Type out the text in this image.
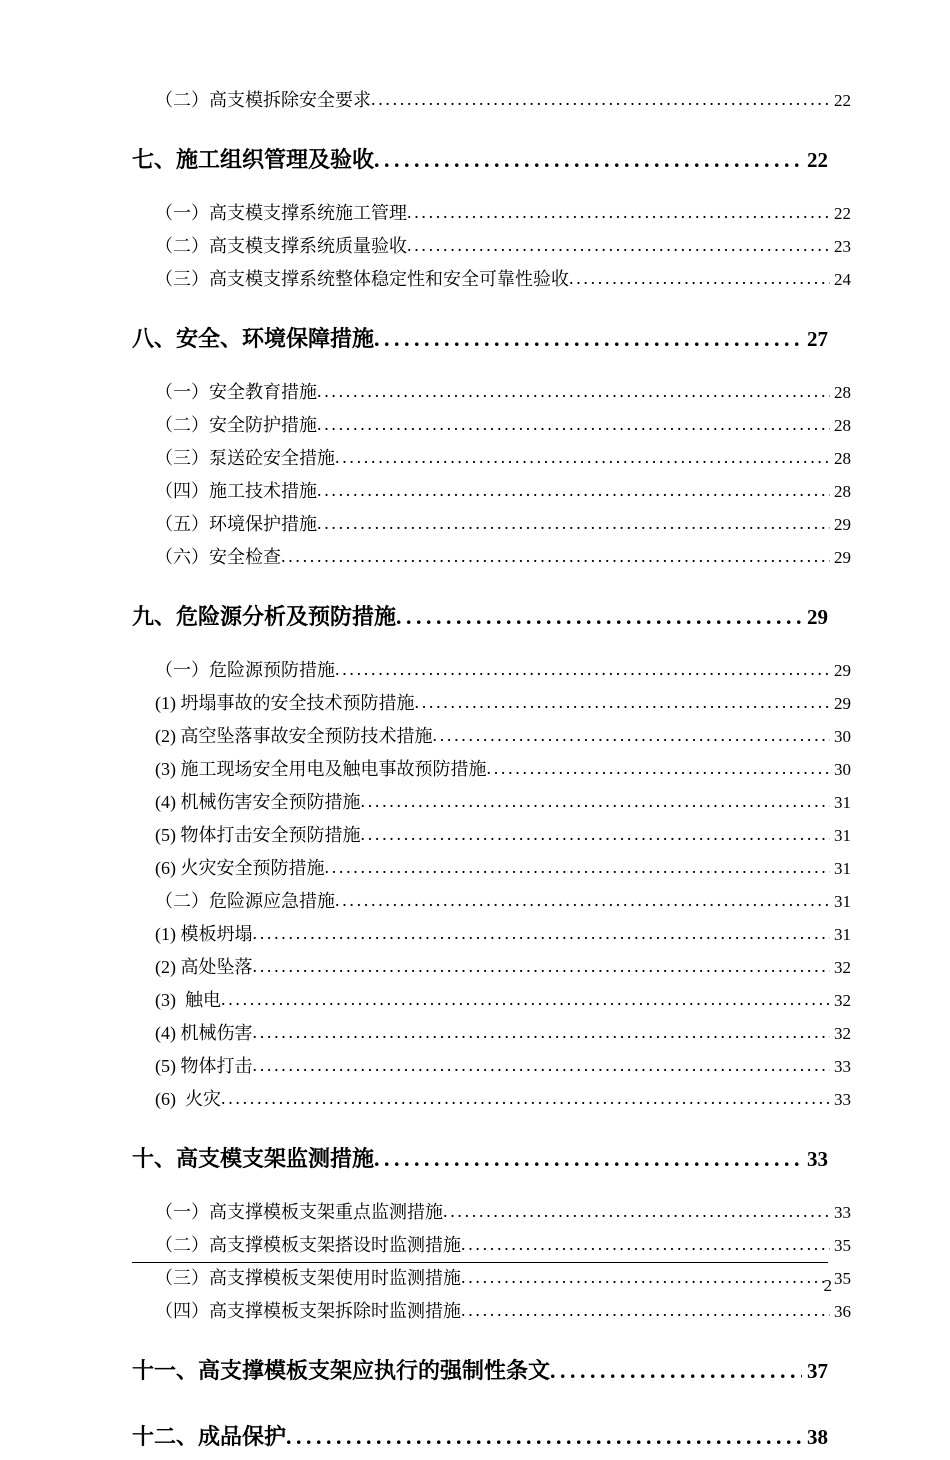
（二）高支模拆除安全要求 . . .	22
七、施工组织管理及验收 . . .	22
（一）高支模支撑系统施工管理 . . .	22
（二）高支模支撑系统质量验收 . . .	23
（三）高支模支撑系统整体稳定性和安全可靠性验收 . . .	24
八、安全、环境保障措施 . . .	27
（一）安全教育措施 . . .	28
（二）安全防护措施 . . .	28
（三）泵送砼安全措施 . . .	28
（四）施工技术措施 . . .	28
（五）环境保护措施 . . .	29
（六）安全检查 . . .	29
九、危险源分析及预防措施 . . .	29
（一）危险源预防措施 . . .	29
(1) 坍塌事故的安全技术预防措施 . . .	29
(2) 高空坠落事故安全预防技术措施 . . .	30
(3) 施工现场安全用电及触电事故预防措施 . . .	30
(4) 机械伤害安全预防措施 . . .	31
(5) 物体打击安全预防措施 . . .	31
(6) 火灾安全预防措施 . . .	31
（二）危险源应急措施 . . .	31
(1) 模板坍塌 . . .	31
(2) 高处坠落 . . .	32
(3)  触电 . . .	32
(4) 机械伤害 . . .	32
(5) 物体打击 . . .	33
(6)  火灾 . . .	33
十、高支模支架监测措施 . . .	33
（一）高支撑模板支架重点监测措施 . . .	33
（二）高支撑模板支架搭设时监测措施 . . .	35
（三）高支撑模板支架使用时监测措施 . . .	35
（四）高支撑模板支架拆除时监测措施 . . .	36
十一、高支撑模板支架应执行的强制性条文 . . .	37
十二、成品保护 . . .	38
2
